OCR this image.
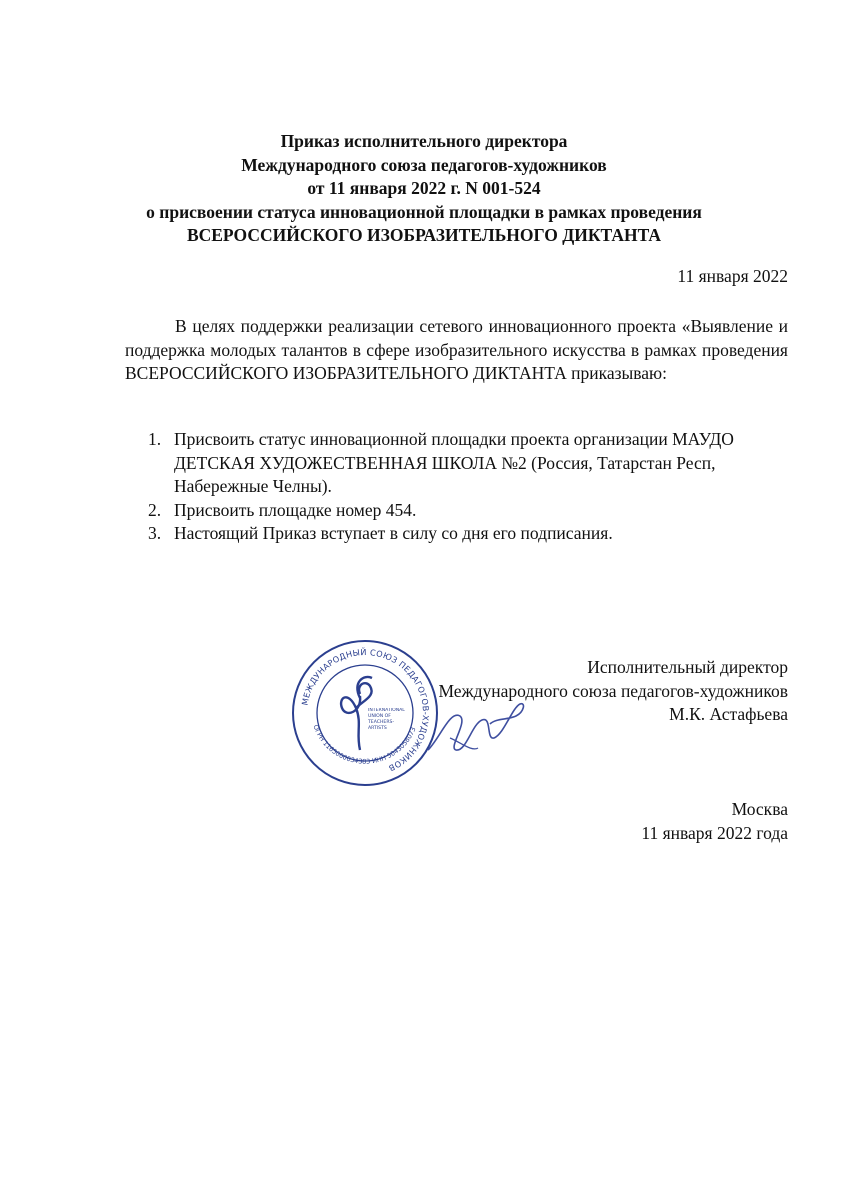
Приказ исполнительного директора
Международного союза педагогов-художников
от 11 января 2022 г. N 001-524
о присвоении статуса инновационной площадки в рамках проведения
ВСЕРОССИЙСКОГО ИЗОБРАЗИТЕЛЬНОГО ДИКТАНТА
11 января 2022
В целях поддержки реализации сетевого инновационного проекта «Выявление и поддержка молодых талантов в сфере изобразительного искусства в рамках проведения ВСЕРОССИЙСКОГО ИЗОБРАЗИТЕЛЬНОГО ДИКТАНТА приказываю:
1. Присвоить статус инновационной площадки проекта организации МАУДО ДЕТСКАЯ ХУДОЖЕСТВЕННАЯ ШКОЛА №2 (Россия, Татарстан Респ, Набережные Челны).
2. Присвоить площадке номер 454.
3. Настоящий Приказ вступает в силу со дня его подписания.
МЕЖДУНАРОДНЫЙ СОЮЗ ПЕДАГОГОВ-ХУДОЖНИКОВ
ОГРН 1165000034383 ИНН 5043058073
INTERNATIONAL UNION OF TEACHERS-ARTISTS
Исполнительный директор
Международного союза педагогов-художников
М.К. Астафьева
Москва
11 января 2022 года
